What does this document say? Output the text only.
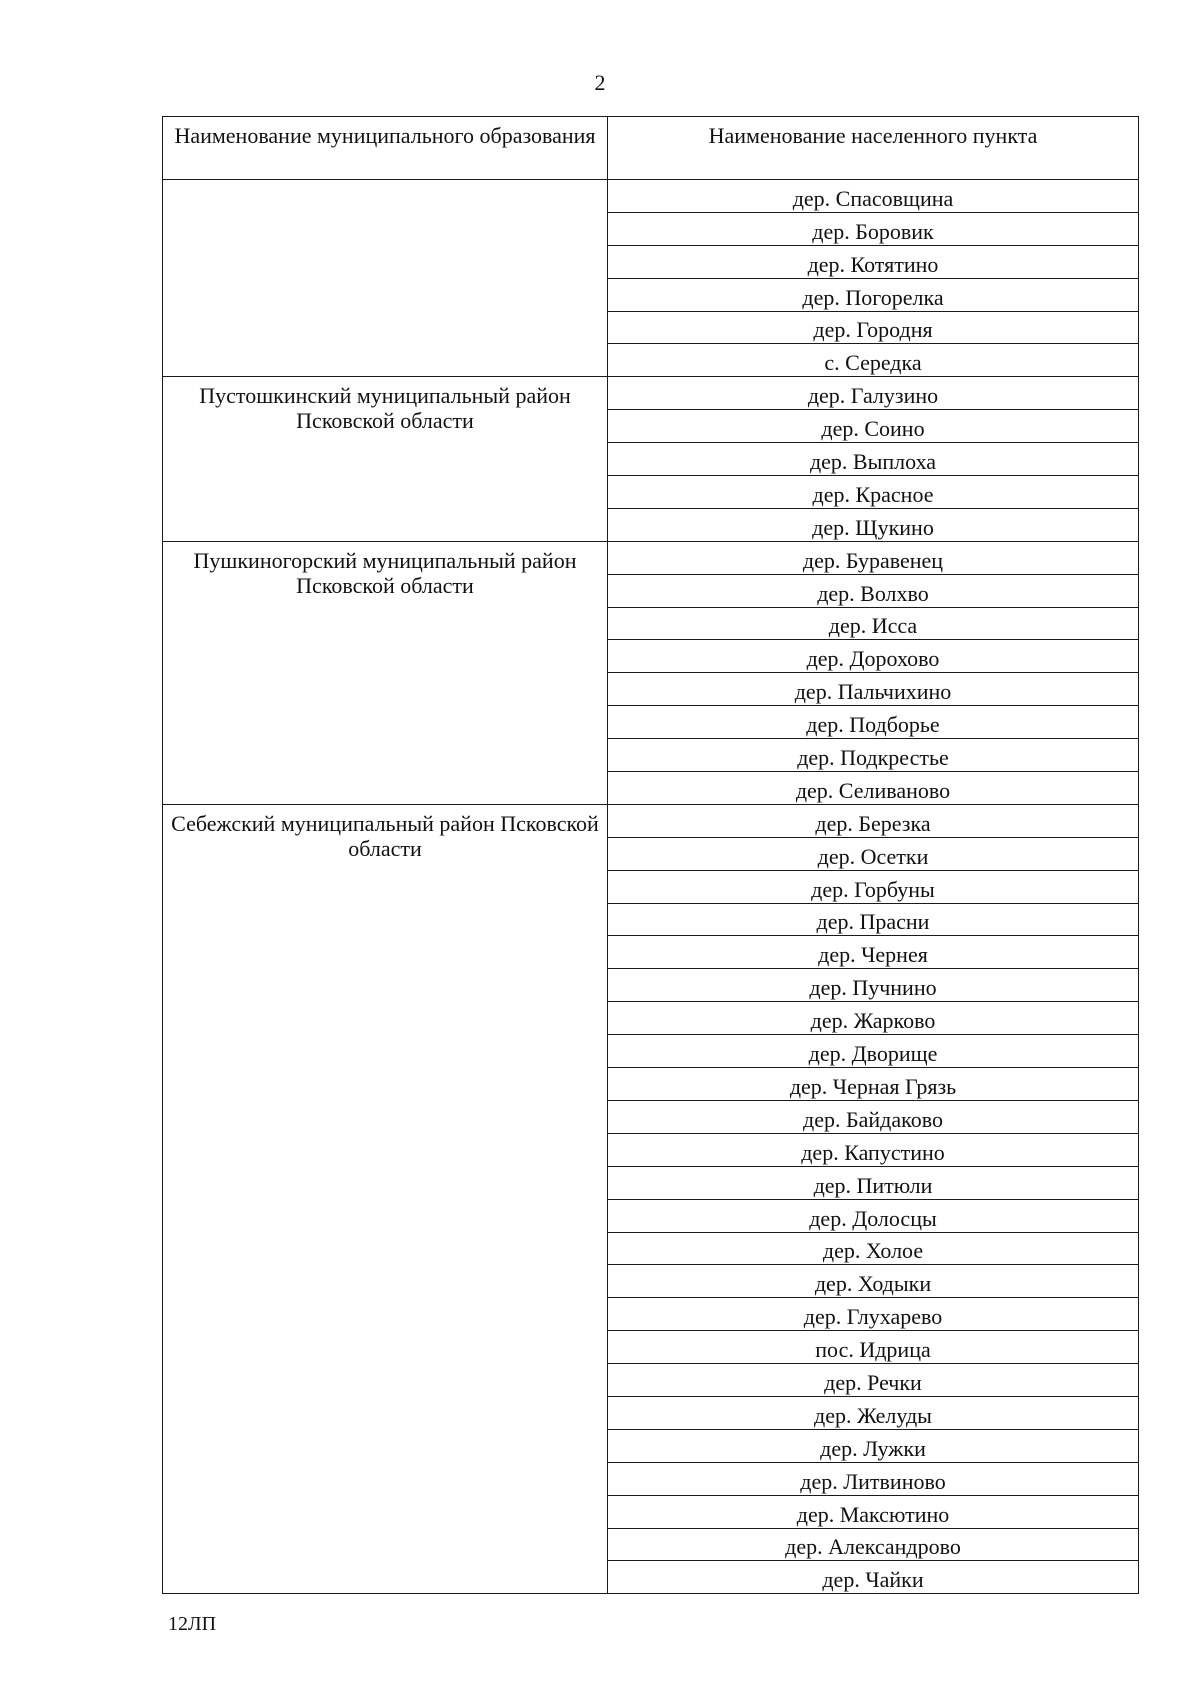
2
Наименование муниципального образования	Наименование населенного пункта
	дер. Спасовщина
	дер. Боровик
	дер. Котятино
	дер. Погорелка
	дер. Городня
	с. Середка
Пустошкинский муниципальный район Псковской области	дер. Галузино
	дер. Соино
	дер. Выплоха
	дер. Красное
	дер. Щукино
Пушкиногорский муниципальный район Псковской области	дер. Буравенец
	дер. Волхво
	дер. Исса
	дер. Дорохово
	дер. Пальчихино
	дер. Подборье
	дер. Подкрестье
	дер. Селиваново
Себежский муниципальный район Псковской области	дер. Березка
	дер. Осетки
	дер. Горбуны
	дер. Прасни
	дер. Чернея
	дер. Пучнино
	дер. Жарково
	дер. Дворище
	дер. Черная Грязь
	дер. Байдаково
	дер. Капустино
	дер. Питюли
	дер. Долосцы
	дер. Холое
	дер. Ходыки
	дер. Глухарево
	пос. Идрица
	дер. Речки
	дер. Желуды
	дер. Лужки
	дер. Литвиново
	дер. Максютино
	дер. Александрово
	дер. Чайки
12ЛП
